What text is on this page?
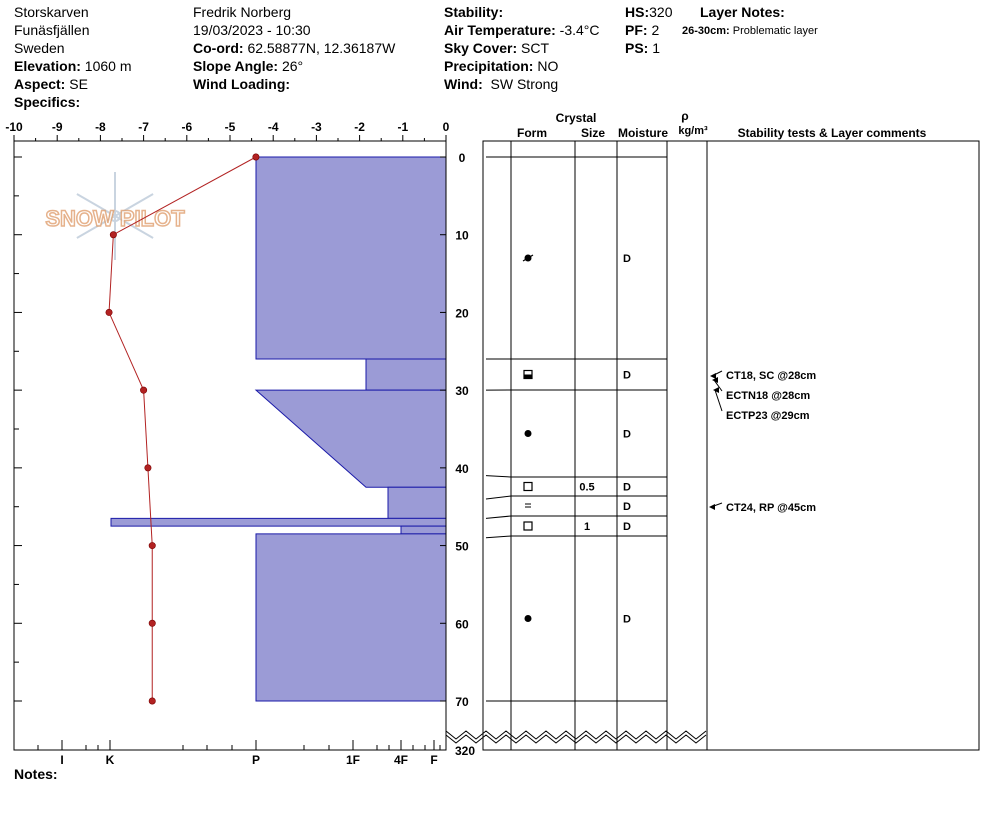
Storskarven
Funäsfjällen
Sweden
Elevation: 1060 m
Aspect: SE
Specifics:
Fredrik Norberg
19/03/2023 - 10:30
Co-ord: 62.58877N, 12.36187W
Slope Angle: 26°
Wind Loading:
Stability:
Air Temperature: -3.4°C
Sky Cover: SCT
Precipitation: NO
Wind: SW Strong
HS:320
PF: 2
PS: 1
Layer Notes:
26-30cm: Problematic layer
Notes:
-10 -9	-8	-7	-6	-5	-4	-3	-2	-1	0
I	K	P	1F	4F F
SNOW PILOT
0
10
20
30
40
50
60
70
320
Crystal
Form	Size Moisture
ρ
kg/m³ Stability tests & Layer comments
D
D
D
0.5	D
D
1	D
D
CT18, SC @28cm
ECTN18 @28cm
ECTP23 @29cm
CT24, RP @45cm
